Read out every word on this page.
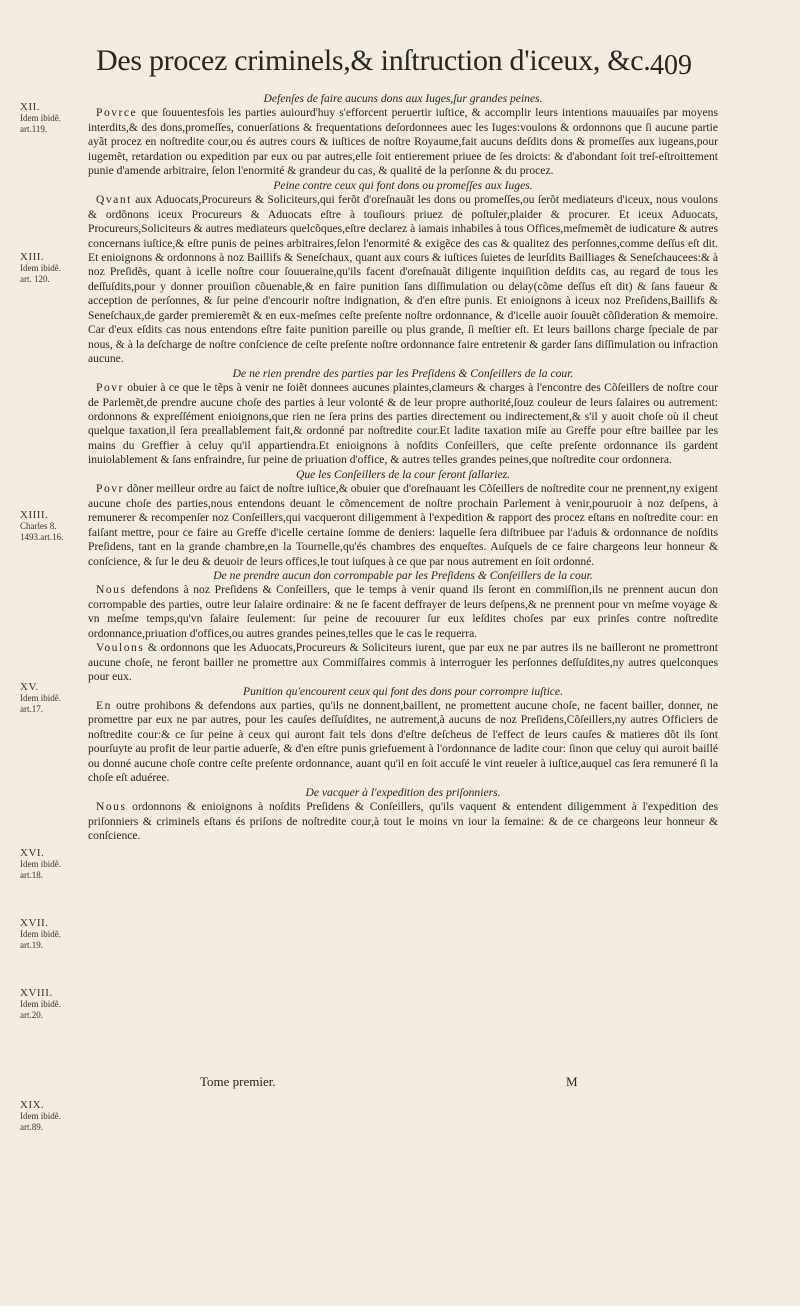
Des procez criminels,& inſtruction d'iceux, &c. 409
XII.
Idem ibidẽ.
art.119.
XIII.
Idem ibidẽ.
art. 120.
XIIII.
Charles 8.
1493.art.16.
XV.
Idem ibidẽ.
art.17.
XVI.
Idem ibidẽ.
art.18.
XVII.
Idem ibidẽ.
art.19.
XVIII.
Idem ibidẽ.
art.20.
XIX.
Idem ibidẽ.
art.89.

Defenſes de faire aucuns dons aux Iuges,ſur grandes peines.

Povrce que ſouuentesfois les parties auiourd'huy s'efforcent peruertir iuſtice, & accomplir leurs intentions mauuaiſes par moyens interdits,& des dons,promeſſes, conuerſations & frequentations deſordonnees auec les Iuges:voulons & ordonnons que ſi aucune partie ayãt procez en noſtredite cour,ou és autres cours & iuſtices de noſtre Royaume,fait aucuns deſdits dons & promeſſes aux iugeans,pour iugemẽt, retardation ou expedition par eux ou par autres,elle ſoit entierement priuee de ſes droicts: & d'abondant ſoit treſ-eſtroittement punie d'amende arbitraire, ſelon l'enormité & grandeur du cas, & qualité de la perſonne & du procez.

Peine contre ceux qui font dons ou promeſſes aux Iuges.

Qvant aux Aduocats,Procureurs & Soliciteurs,qui ferõt d'oreſnauãt les dons ou promeſſes,ou ſerõt mediateurs d'iceux, nous voulons & ordõnons iceux Procureurs & Aduocats eſtre à touſiours priuez de poſtuler,plaider & procurer. Et iceux Aduocats, Procureurs,Soliciteurs & autres mediateurs quelcõques,eſtre declarez à iamais inhabiles à tous Offices,meſmemẽt de iudicature & autres concernans iuſtice,& eſtre punis de peines arbitraires,ſelon l'enormité & exigẽce des cas & qualitez des perſonnes,comme deſſus eſt dit. Et enioignons & ordonnons à noz Baillifs & Seneſchaux, quant aux cours & iuſtices ſuietes de leurſdits Bailliages & Seneſchaucees:& à noz Preſidẽs, quant à icelle noſtre cour ſouueraine,qu'ils facent d'oreſnauãt diligente inquiſition deſdits cas, au regard de tous les deſſuſdits,pour y donner prouiſion cõuenable,& en faire punition ſans diſſimulation ou delay(cõme deſſus eſt dit) & ſans faueur & acception de perſonnes, & ſur peine d'encourir noſtre indignation, & d'en eſtre punis. Et enioignons à iceux noz Preſidens,Baillifs & Seneſchaux,de garder premieremẽt & en eux-meſmes ceſte preſente noſtre ordonnance, & d'icelle auoir ſouuẽt cõſideration & memoire. Car d'eux eſdits cas nous entendons eſtre faite punition pareille ou plus grande, ſi meſtier eſt. Et leurs baillons charge ſpeciale de par nous, & à la deſcharge de noſtre conſcience de ceſte preſente noſtre ordonnance faire entretenir & garder ſans diſſimulation ou infraction aucune.

De ne rien prendre des parties par les Preſidens & Conſeillers de la cour.

Povr obuier à ce que le tẽps à venir ne ſoiẽt donnees aucunes plaintes,clameurs & charges à l'encontre des Cõſeillers de noſtre cour de Parlemẽt,de prendre aucune choſe des parties à leur volonté & de leur propre authorité,ſouz couleur de leurs ſalaires ou autrement: ordonnons & expreſſément enioignons,que rien ne ſera prins des parties directement ou indirectement,& s'il y auoit choſe où il cheut quelque taxation,il ſera preallablement fait,& ordonné par noſtredite cour.Et ladite taxation miſe au Greffe pour eſtre baillee par les mains du Greffier à celuy qu'il appartiendra.Et enioignons à noſdits Conſeillers, que ceſte preſente ordonnance ils gardent inuiolablement & ſans enfraindre, ſur peine de priuation d'office, & autres telles grandes peines,que noſtredite cour ordonnera.

Que les Conſeillers de la cour ſeront ſallariez.

Povr dõner meilleur ordre au faict de noſtre iuſtice,& obuier que d'oreſnauant les Cõſeillers de noſtredite cour ne prennent,ny exigent aucune choſe des parties,nous entendons deuant le cõmencement de noſtre prochain Parlement à venir,pouruoir à noz deſpens, à remunerer & recompenſer noz Conſeillers,qui vacqueront diligemment à l'expedition & rapport des procez eſtans en noſtredite cour: en faiſant mettre, pour ce faire au Greffe d'icelle certaine ſomme de deniers: laquelle ſera diſtribuee par l'aduis & ordonnance de noſdits Preſidens, tant en la grande chambre,en la Tournelle,qu'és chambres des enqueſtes. Auſquels de ce faire chargeons leur honneur & conſcience, & ſur le deu & deuoir de leurs offices,le tout iuſques à ce que par nous autrement en ſoit ordonné.

De ne prendre aucun don corrompable par les Preſidens & Conſeillers de la cour.

Nous defendons à noz Preſidens & Conſeillers, que le temps à venir quand ils ſeront en commiſſion,ils ne prennent aucun don corrompable des parties, outre leur ſalaire ordinaire: & ne ſe facent deffrayer de leurs deſpens,& ne prennent pour vn meſme voyage & vn meſme temps,qu'vn ſalaire ſeulement: ſur peine de recouurer ſur eux leſdites choſes par eux prinſes contre noſtredite ordonnance,priuation d'offices,ou autres grandes peines,telles que le cas le requerra.

Voulons & ordonnons que les Aduocats,Procureurs & Soliciteurs iurent, que par eux ne par autres ils ne bailleront ne promettront aucune choſe, ne feront bailler ne promettre aux Commiſſaires commis à interroguer les perſonnes deſſuſdites,ny autres quelconques pour eux.

Punition qu'encourent ceux qui font des dons pour corrompre iuſtice.

En outre prohibons & defendons aux parties, qu'ils ne donnent,baillent, ne promettent aucune choſe, ne facent bailler, donner, ne promettre par eux ne par autres, pour les cauſes deſſuſdites, ne autrement,à aucuns de noz Preſidens,Cõſeillers,ny autres Officiers de noſtredite cour:& ce ſur peine à ceux qui auront fait tels dons d'eſtre deſcheus de l'effect de leurs cauſes & matieres dõt ils ſont pourſuyte au profit de leur partie aduerſe, & d'en eſtre punis griefuement à l'ordonnance de ladite cour: ſinon que celuy qui auroit baillé ou donné aucune choſe contre ceſte preſente ordonnance, auant qu'il en ſoit accuſé le vint reueler à iuſtice,auquel cas ſera remuneré ſi la choſe eſt aduéree.

De vacquer à l'expedition des priſonniers.

Nous ordonnons & enioignons à noſdits Preſidens & Conſeillers, qu'ils vaquent & entendent diligemment à l'expedition des priſonniers & criminels eſtans és priſons de noſtredite cour,à tout le moins vn iour la ſemaine: & de ce chargeons leur honneur & conſcience.

Tome premier.	M
